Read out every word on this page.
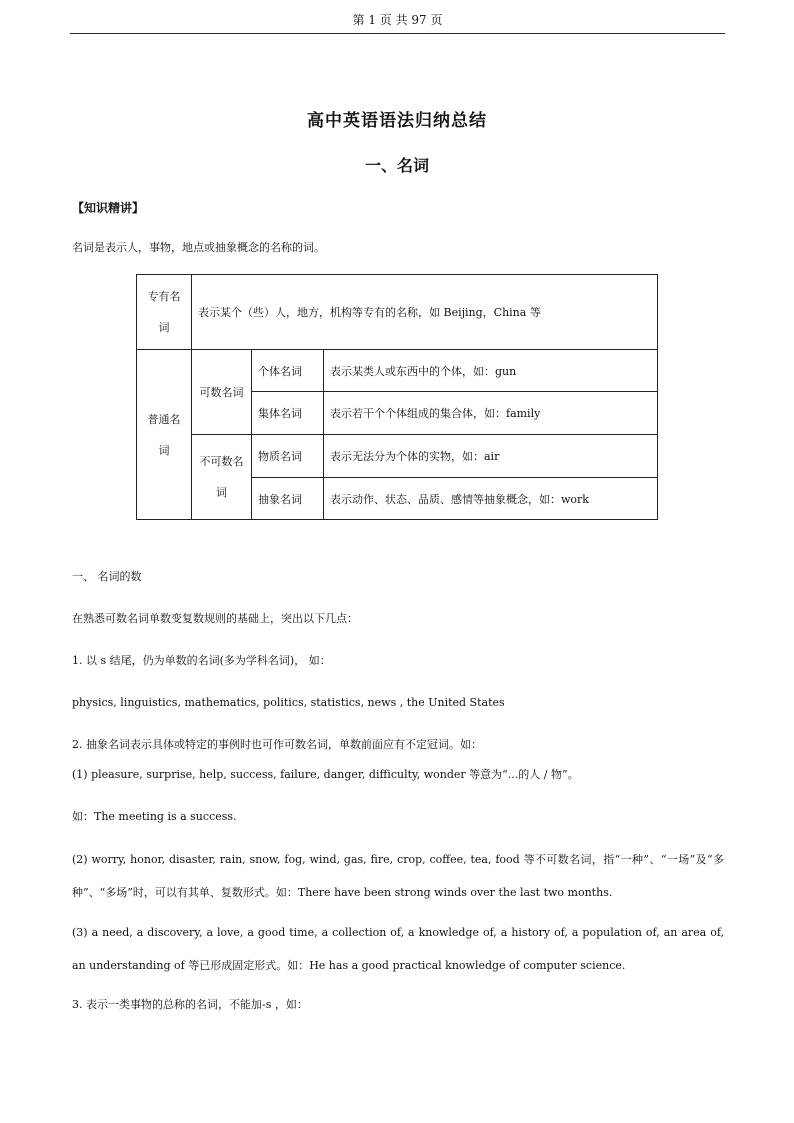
第 1 页 共 97 页
高中英语语法归纳总结
一、名词
【知识精讲】
名词是表示人，事物，地点或抽象概念的名称的词。
专有名词	表示某个（些）人，地方，机构等专有的名称，如 Beijing，China 等		
普通名词	可数名词	个体名词	表示某类人或东西中的个体，如：gun
		集体名词	表示若干个个体组成的集合体，如：family
	不可数名词	物质名词	表示无法分为个体的实物，如：air
		抽象名词	表示动作、状态、品质、感情等抽象概念，如：work
一、 名词的数
在熟悉可数名词单数变复数规则的基础上，突出以下几点：
1. 以 s 结尾，仍为单数的名词(多为学科名词)， 如：
physics, linguistics, mathematics, politics, statistics, news , the United States
2. 抽象名词表示具体或特定的事例时也可作可数名词，单数前面应有不定冠词。如：
(1) pleasure, surprise, help, success, failure, danger, difficulty, wonder 等意为“...的人 / 物”。
如：The meeting is a success.
(2) worry, honor, disaster, rain, snow, fog, wind, gas, fire, crop, coffee, tea, food 等不可数名词，指“一种”、“一场”及“多种”、“多场”时，可以有其单、复数形式。如：There have been strong winds over the last two months.
(3) a need, a discovery, a love, a good time, a collection of, a knowledge of, a history of, a population of, an area of, an understanding of 等已形成固定形式。如：He has a good practical knowledge of computer science.
3. 表示一类事物的总称的名词，不能加-s ，如：
